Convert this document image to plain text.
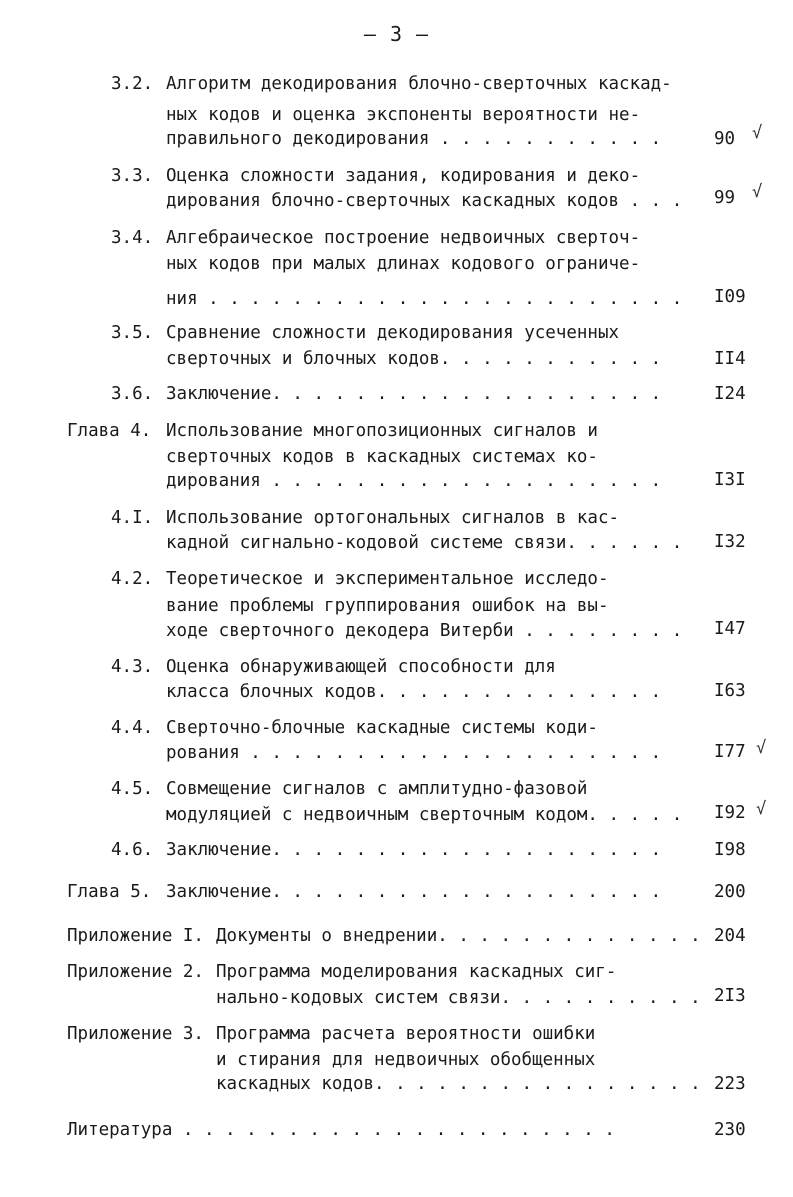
– 3 –
3.2. Алгоритм декодирования блочно-сверточных каскад-
ных кодов и оценка экспоненты вероятности не-
правильного декодирования . . . . . . . . . . .	90 √
3.3. Оценка сложности задания, кодирования и деко-
дирования блочно-сверточных каскадных кодов . . . 99 √
3.4. Алгебраическое построение недвоичных сверточ-
ных кодов при малых длинах кодового ограниче-
ния . . . . . . . . . . . . . . . . . . . . . . . I09
3.5. Сравнение сложности декодирования усеченных
сверточных и блочных кодов. . . . . . . . . . .	II4
3.6. Заключение. . . . . . . . . . . . . . . . . . .	I24
Глава 4. Использование многопозиционных сигналов и
сверточных кодов в каскадных системах ко-
дирования . . . . . . . . . . . . . . . . . . .	I3I
4.I. Использование ортогональных сигналов в кас-
кадной сигнально-кодовой системе связи. . . . . . I32
4.2. Теоретическое и экспериментальное исследо-
вание проблемы группирования ошибок на вы-
ходе сверточного декодера Витерби . . . . . . . . I47
4.3. Оценка обнаруживающей способности для
класса блочных кодов. . . . . . . . . . . . . .	I63
4.4. Сверточно-блочные каскадные системы коди-
рования . . . . . . . . . . . . . . . . . . . .	I77 √
4.5. Совмещение сигналов с амплитудно-фазовой
модуляцией с недвоичным сверточным кодом. . . . . I92 √
4.6. Заключение. . . . . . . . . . . . . . . . . . .	I98
Глава 5. Заключение. . . . . . . . . . . . . . . . . . .	200
Приложение I. Документы о внедрении. . . . . . . . . . . . . 204
Приложение 2. Программа моделирования каскадных сиг-
нально-кодовых систем связи. . . . . . . . . . 2I3
Приложение 3. Программа расчета вероятности ошибки
и стирания для недвоичных обобщенных
каскадных кодов. . . . . . . . . . . . . . . . 223
Литература . . . . . . . . . . . . . . . . . . . . .	230
